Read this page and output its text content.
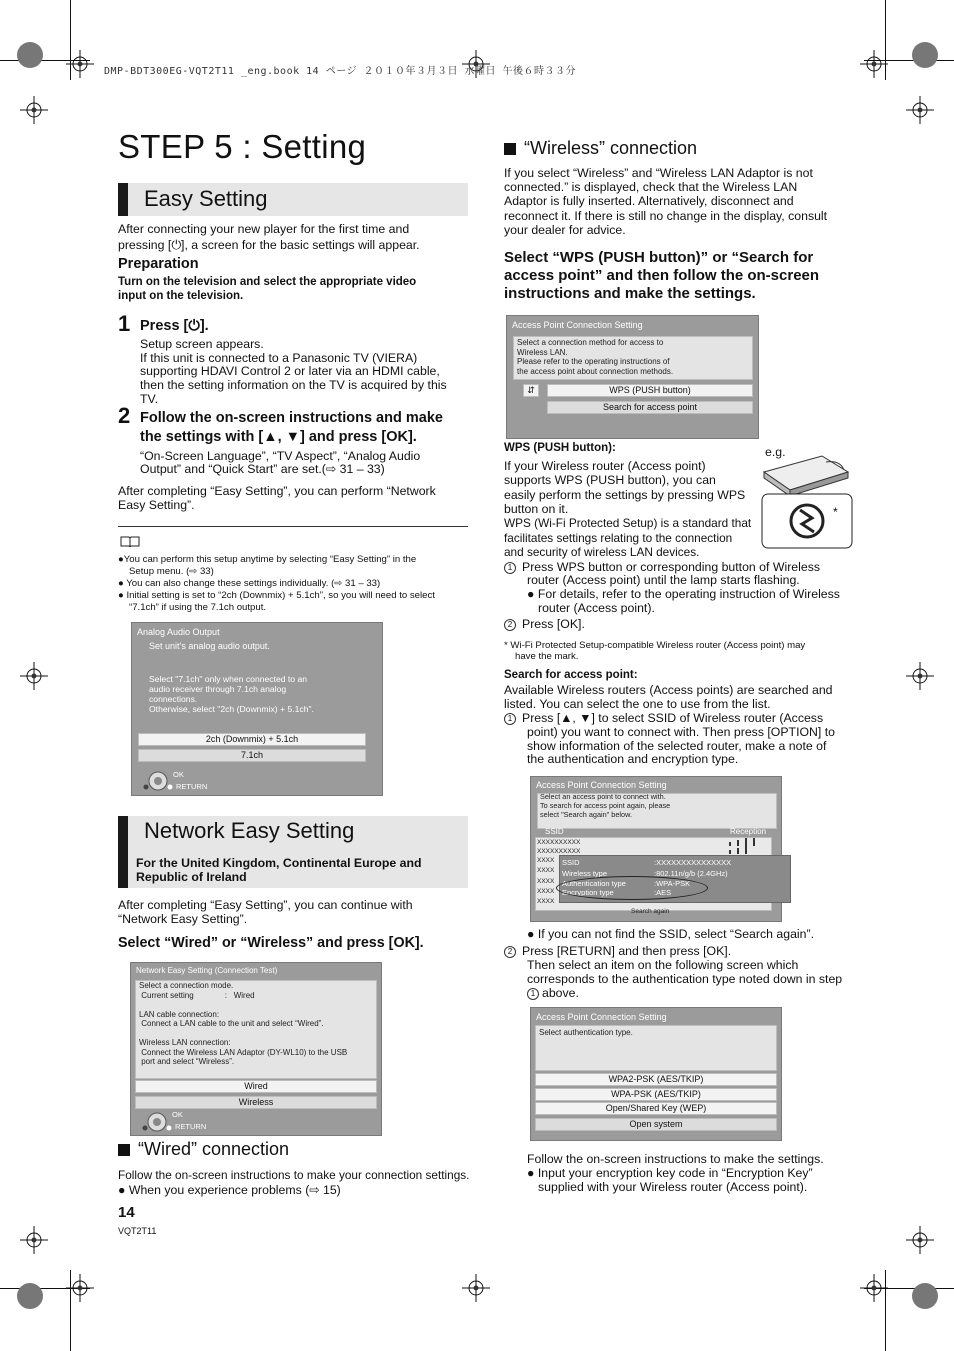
DMP-BDT300EG-VQT2T11 _eng.book 14 ページ ２０１０年３月３日 水曜日 午後６時３３分
STEP 5 : Setting
Easy Setting
After connecting your new player for the first time and
pressing [⏻], a screen for the basic settings will appear.
Preparation
Turn on the television and select the appropriate video
input on the television.
1 Press [⏻].
Setup screen appears.
If this unit is connected to a Panasonic TV (VIERA)
supporting HDAVI Control 2 or later via an HDMI cable,
then the setting information on the TV is acquired by this
TV.
2 Follow the on-screen instructions and make
the settings with [▲, ▼] and press [OK].
“On-Screen Language”, “TV Aspect”, “Analog Audio
Output” and “Quick Start” are set.(⇨ 31 – 33)
After completing “Easy Setting”, you can perform “Network
Easy Setting”.
●You can perform this setup anytime by selecting “Easy Setting” in the
Setup menu. (⇨ 33)
● You can also change these settings individually. (⇨ 31 – 33)
● Initial setting is set to “2ch (Downmix) + 5.1ch”, so you will need to select
“7.1ch” if using the 7.1ch output.
Analog Audio Output
Set unit’s analog audio output.
Select "7.1ch" only when connected to an
audio receiver through 7.1ch analog
connections.
Otherwise, select "2ch (Downmix) + 5.1ch".
2ch (Downmix) + 5.1ch
7.1ch
OK
RETURN
Network Easy Setting
For the United Kingdom, Continental Europe and
Republic of Ireland
After completing “Easy Setting”, you can continue with
“Network Easy Setting”.
Select “Wired” or “Wireless” and press [OK].
Network Easy Setting (Connection Test)
Select a connection mode.
Current setting              :   Wired

LAN cable connection:
Connect a LAN cable to the unit and select “Wired”.

Wireless LAN connection:
Connect the Wireless LAN Adaptor (DY-WL10) to the USB
port and select “Wireless”.
Wired
Wireless
OK
RETURN
“Wired” connection
Follow the on-screen instructions to make your connection settings.
● When you experience problems (⇨ 15)
14
VQT2T11
“Wireless” connection
If you select “Wireless” and “Wireless LAN Adaptor is not
connected.” is displayed, check that the Wireless LAN
Adaptor is fully inserted. Alternatively, disconnect and
reconnect it. If there is still no change in the display, consult
your dealer for advice.
Select “WPS (PUSH button)” or “Search for
access point” and then follow the on-screen
instructions and make the settings.
Access Point Connection Setting
Select a connection method for access to
Wireless LAN.
Please refer to the operating instructions of
the access point about connection methods.
⇵	WPS (PUSH button)
Search for access point
WPS (PUSH button):	e.g.
*
If your Wireless router (Access point)
supports WPS (PUSH button), you can
easily perform the settings by pressing WPS
button on it.
WPS (Wi-Fi Protected Setup) is a standard that
facilitates settings relating to the connection
and security of wireless LAN devices.
1 Press WPS button or corresponding button of Wireless
router (Access point) until the lamp starts flashing.
● For details, refer to the operating instruction of Wireless
router (Access point).
2 Press [OK].
* Wi-Fi Protected Setup-compatible Wireless router (Access point) may
have the mark.
Search for access point:
Available Wireless routers (Access points) are searched and
listed. You can select the one to use from the list.
1 Press [▲, ▼] to select SSID of Wireless router (Access
point) you want to connect with. Then press [OPTION] to
show information of the selected router, make a note of
the authentication and encryption type.
Access Point Connection Setting
Select an access point to connect with.
To search for access point again, please
select "Search again" below.
SSID	Reception
XXXXXXXXXX
XXXXXXXXXX
XXXX
XXXX
XXXX
XXXX
XXXX
SSID	:XXXXXXXXXXXXXXX
Wireless type	:802.11n/g/b (2.4GHz)
Authentication type	:WPA-PSK
Encryption type	:AES
Search again
● If you can not find the SSID, select “Search again”.
2 Press [RETURN] and then press [OK].
Then select an item on the following screen which
corresponds to the authentication type noted down in step
1 above.
Access Point Connection Setting
Select authentication type.
WPA2-PSK (AES/TKIP)
WPA-PSK (AES/TKIP)
Open/Shared Key (WEP)
Open system
Follow the on-screen instructions to make the settings.
● Input your encryption key code in “Encryption Key”
supplied with your Wireless router (Access point).
